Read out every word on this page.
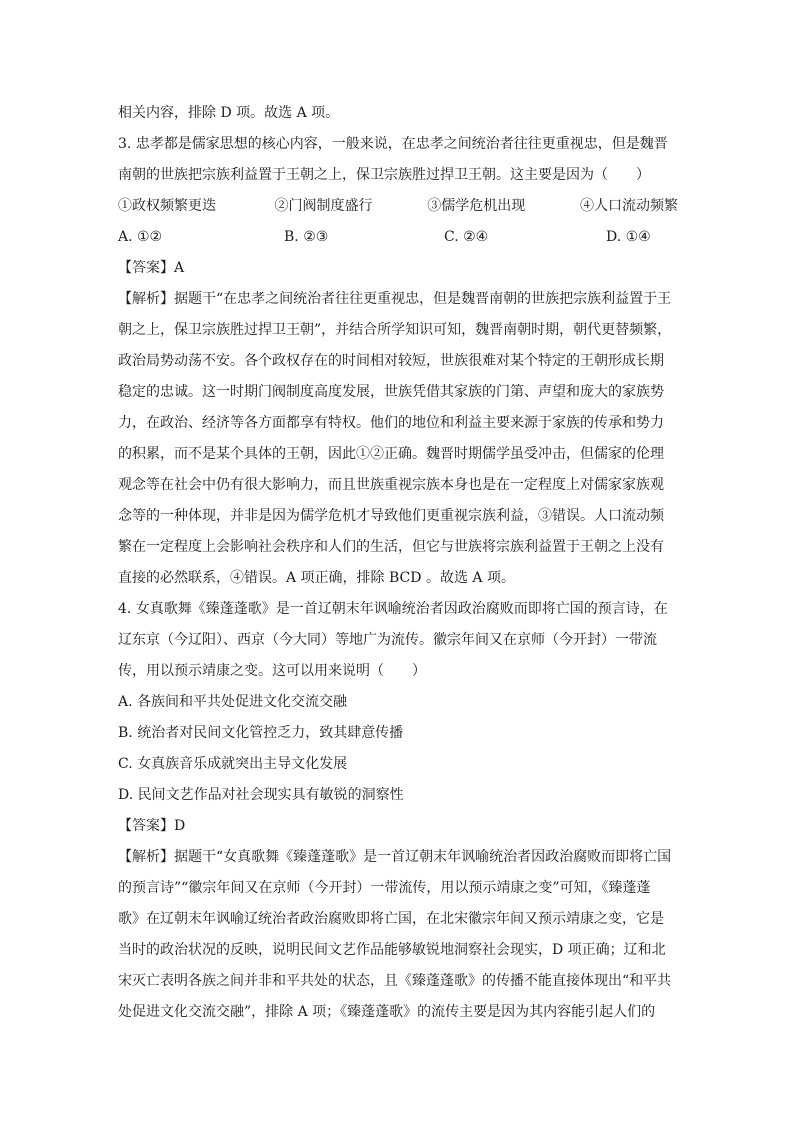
相关内容，排除 D 项。故选 A 项。
3. 忠孝都是儒家思想的核心内容，一般来说，在忠孝之间统治者往往更重视忠，但是魏晋
南朝的世族把宗族利益置于王朝之上，保卫宗族胜过捍卫王朝。这主要是因为（　　）
①政权频繁更迭	②门阀制度盛行	③儒学危机出现	④人口流动频繁
A. ①②	B. ②③	C. ②④	D. ①④
【答案】A
【解析】据题干“在忠孝之间统治者往往更重视忠，但是魏晋南朝的世族把宗族利益置于王
朝之上，保卫宗族胜过捍卫王朝”，并结合所学知识可知，魏晋南朝时期，朝代更替频繁，
政治局势动荡不安。各个政权存在的时间相对较短，世族很难对某个特定的王朝形成长期
稳定的忠诚。这一时期门阀制度高度发展，世族凭借其家族的门第、声望和庞大的家族势
力，在政治、经济等各方面都享有特权。他们的地位和利益主要来源于家族的传承和势力
的积累，而不是某个具体的王朝，因此①②正确。魏晋时期儒学虽受冲击，但儒家的伦理
观念等在社会中仍有很大影响力，而且世族重视宗族本身也是在一定程度上对儒家家族观
念等的一种体现，并非是因为儒学危机才导致他们更重视宗族利益，③错误。人口流动频
繁在一定程度上会影响社会秩序和人们的生活，但它与世族将宗族利益置于王朝之上没有
直接的必然联系，④错误。A 项正确，排除 BCD 。故选 A 项。
4. 女真歌舞《臻蓬蓬歌》是一首辽朝末年讽喻统治者因政治腐败而即将亡国的预言诗，在
辽东京（今辽阳）、西京（今大同）等地广为流传。徽宗年间又在京师（今开封）一带流
传，用以预示靖康之变。这可以用来说明（　　）
A. 各族间和平共处促进文化交流交融
B. 统治者对民间文化管控乏力，致其肆意传播
C. 女真族音乐成就突出主导文化发展
D. 民间文艺作品对社会现实具有敏锐的洞察性
【答案】D
【解析】据题干“女真歌舞《臻蓬蓬歌》是一首辽朝末年讽喻统治者因政治腐败而即将亡国
的预言诗”“徽宗年间又在京师（今开封）一带流传，用以预示靖康之变”可知，《臻蓬蓬
歌》在辽朝末年讽喻辽统治者政治腐败即将亡国，在北宋徽宗年间又预示靖康之变，它是
当时的政治状况的反映，说明民间文艺作品能够敏锐地洞察社会现实，D 项正确；辽和北
宋灭亡表明各族之间并非和平共处的状态，且《臻蓬蓬歌》的传播不能直接体现出“和平共
处促进文化交流交融”，排除 A 项；《臻蓬蓬歌》的流传主要是因为其内容能引起人们的
